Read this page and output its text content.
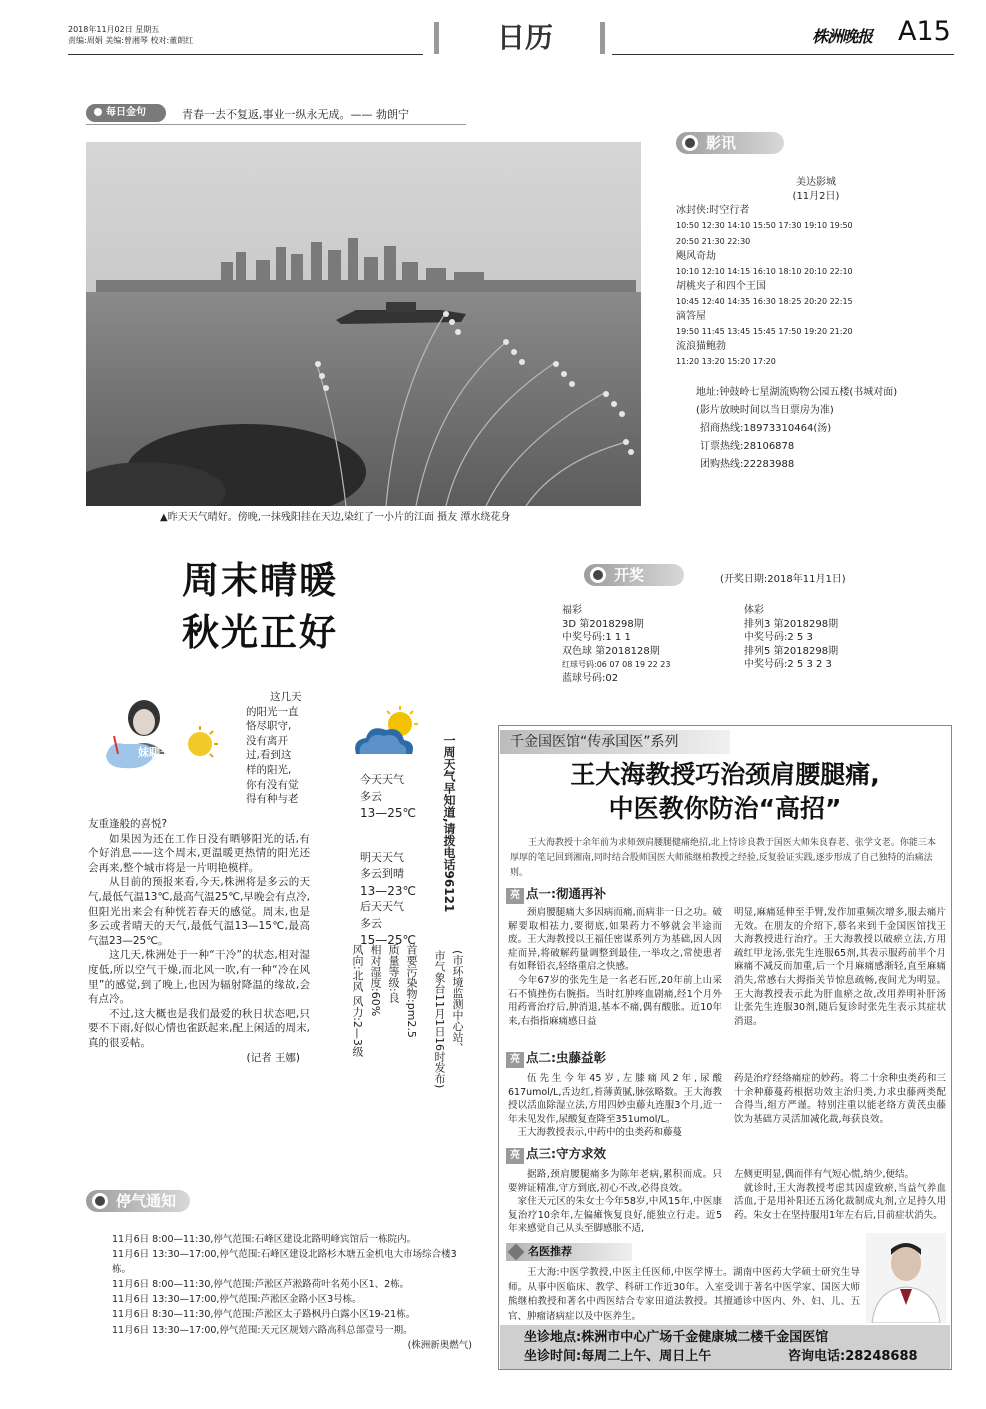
2018年11月02日 星期五
责编:周娟 美编:曾湘琴 校对:董朗红	日历	株洲晚报 A15
每日金句	青春一去不复返,事业一纵永无成。—— 勃朗宁
▲昨天天气晴好。傍晚,一抹残阳挂在天边,染红了一小片的江面 摄友 潭水绕花身
影讯
美达影城
(11月2日)
冰封侠:时空行者
10:50 12:30 14:10 15:50 17:30 19:10 19:50
20:50 21:30 22:30
飓风奇劫
10:10 12:10 14:15 16:10 18:10 20:10 22:10
胡桃夹子和四个王国
10:45 12:40 14:35 16:30 18:25 20:20 22:15
滴答屋
19:50 11:45 13:45 15:45 17:50 19:20 21:20
流浪猫鲍勃
11:20 13:20 15:20 17:20
地址:钟鼓岭七星湖流购物公园五楼(书城对面)
(影片放映时间以当日票房为准)
招商热线:18973310464(汤)
订票热线:28106878
团购热线:22283988
周末晴暖
秋光正好
开奖	(开奖日期:2018年11月1日)
福彩
3D 第2018298期
中奖号码:1 1 1
双色球 第2018128期
红球号码:06 07 08 19 22 23
蓝球号码:02
体彩
排列3 第2018298期
中奖号码:2 5 3
排列5 第2018298期
中奖号码:2 5 3 2 3
妹聊天
这几天
的阳光一直
恪尽职守,
没有离开
过,看到这
样的阳光,
你有没有觉
得有种与老

友重逢般的喜悦?

如果因为还在工作日没有晒够阳光的话,有个好消息——这个周末,更温暖更热情的阳光还会再来,整个城市将是一片明艳模样。

从目前的预报来看,今天,株洲将是多云的天气,最低气温13℃,最高气温25℃,早晚会有点冷,但阳光出来会有种恍若春天的感觉。周末,也是多云或者晴天的天气,最低气温13—15℃,最高气温23—25℃。

这几天,株洲处于一种“干冷”的状态,相对湿度低,所以空气干燥,而北风一吹,有一种“冷在风里”的感觉,到了晚上,也因为辐射降温的缘故,会有点冷。

不过,这大概也是我们最爱的秋日状态吧,只要不下雨,好似心情也雀跃起来,配上闲适的周末,真的很妥帖。

(记者 王娜)

今天天气
多云
13—25℃
明天天气
多云到晴
13—23℃
后天天气
多云
15—25℃
首要污染物:pm2.5
质量等级:良
相对湿度:60%
风向:北风 风力:2—3级
一周天气早知道,请拨电话96121
(市环境监测中心站、
市气象台11月1日16时发布)
千金国医馆“传承国医”系列
王大海教授巧治颈肩腰腿痛,
中医教你防治“高招”
王大海教授十余年前为求师颈肩腰腿健痛绝招,北上恃诊良教于国医大师朱良春老、张学文老。你能三本厚厚的笔记回到湘南,同时结合股师国医大师熊继柏教授之经验,反复验证实践,逐步形成了自己独特的治痛法则。
亮 点一:彻通再补
颈肩腰腿痛大多因病而痛,而病非一日之功。破解要取相祛力,要彻底,如果药力不够就会半途而废。王大海教授以王福任密谋系列方为基础,因人因症而异,将破解药量调整到最佳,一举攻之,常使患者有如释铅衣,轻络重启之快感。
　今年67岁的张先生是一名老石匠,20年前上山采石不慎挫伤右腕指。当时红肿疼血剧痛,经1个月外用药膏治疗后,肿消退,基本不痛,偶有酸胀。近10年来,右指指麻痛感日益
明显,麻痛延伸至手臂,发作加重频次增多,服去痛片无效。在朋友的介绍下,慕名来到千金国医馆找王大海教授进行治疗。王大海教授以破瘀立法,方用疏红甲龙汤,张先生连服65剂,其表示服药前半个月麻痛不减反而加重,后一个月麻痛感渐轻,直至麻痛消失,常感右大拇指关节惊息疏畅,夜间尤为明显。王大海教授表示此为肝血瘀之故,改用养明补肝汤让张先生连服30剂,随后复诊时张先生表示其症状消退。
亮 点二:虫藤益彰
伍先生今年45岁,左膝痛风2年,尿酸617umol/L,舌边红,苔薄黄腻,脉弦略数。王大海教授以活血除湿立法,方用四妙虫藤丸连服3个月,近一年未见发作,尿酸复查降至351umol/L。
　王大海教授表示,中药中的虫类药和藤蔓
药是治疗经络痛症的妙药。将二十余种虫类药和三十余种藤蔓药根据功效主治归类,力求虫藤两类配合得当,组方严谨。特别注重以能老络方黄芪虫藤饮为基础方灵活加减化裁,每获良效。
亮 点三:守方求效
据路,颈肩腰腿痛多为陈年老病,累积而成。只要辨证精准,守方到底,初心不改,必得良效。
　家住天元区的朱女士今年58岁,中风15年,中医康复治疗10余年,左偏瘫恢复良好,能独立行走。近5年来感觉自己从头至脚感胀不适,
左侧更明显,偶而伴有气短心慌,纳少,便结。
　就诊时,王大海教授考虑其因虚致瘀,当益气养血活血,于是用补阳还五汤化裁制成丸剂,立足持久用药。朱女士在坚持服用1年左右后,目前症状消失。
名医推荐
王大海:中医学教授,中医主任医师,中医学博士。湖南中医药大学硕士研究生导师。从事中医临床、教学、科研工作近30年。入室受训于著名中医学家、国医大师熊继柏教授和著名中西医结合专家田道法教授。其擅通诊中医内、外、妇、儿、五官、肿瘤诸病症以及中医养生。
坐诊地点:株洲市中心广场千金健康城二楼千金国医馆
坐诊时间:每周二上午、周日上午	咨询电话:28248688
停气通知
11月6日 8:00—11:30,停气范围:石峰区建设北路明峰宾馆后一栋院内。
11月6日 13:30—17:00,停气范围:石峰区建设北路杉木塘五金机电大市场综合楼3栋。
11月6日 8:00—11:30,停气范围:芦淞区芦淞路荷叶名苑小区1、2栋。
11月6日 13:30—17:00,停气范围:芦淞区金路小区3号栋。
11月6日 8:30—11:30,停气范围:芦淞区太子路枫丹白露小区19-21栋。
11月6日 13:30—17:00,停气范围:天元区规划六路高科总部壹号一期。
(株洲新奥燃气)
